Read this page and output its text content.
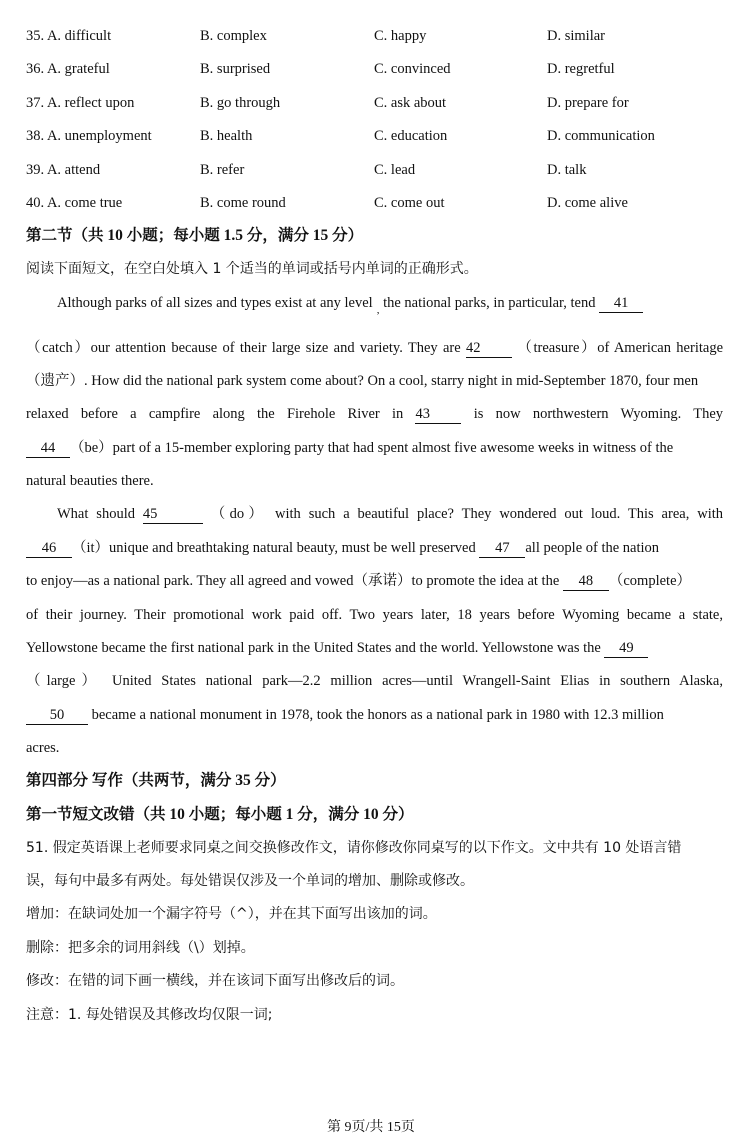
35. A. difficult	B. complex	C. happy	D. similar
36. A. grateful	B. surprised	C. convinced	D. regretful
37. A. reflect upon	B. go through	C. ask about	D. prepare for
38. A. unemployment	B. health	C. education	D. communication
39. A. attend	B. refer	C. lead	D. talk
40. A. come true	B. come round	C. come out	D. come alive
第二节（共 10 小题；每小题 1.5 分，满分 15 分）
阅读下面短文，在空白处填入 1 个适当的单词或括号内单词的正确形式。
Although parks of all sizes and types exist at any level $_,$ the national parks, in particular, tend 41
（catch）our attention because of their large size and variety. They are 42	（treasure）of American heritage
（遗产）. How did the national park system come about? On a cool, starry night in mid-September 1870, four men
relaxed before a campfire along the Firehole River in 43	is now northwestern Wyoming. They
44 （be）part of a 15-member exploring party that had spent almost five awesome weeks in witness of the
natural beauties there.
What should 45	（do） with such a beautiful place? They wondered out loud. This area, with
46 （it）unique and breathtaking natural beauty, must be well preserved 47 all people of the nation
to enjoy—as a national park. They all agreed and vowed（承诺）to promote the idea at the 48 （complete）
of their journey. Their promotional work paid off. Two years later, 18 years before Wyoming became a state,
Yellowstone became the first national park in the United States and the world. Yellowstone was the 49
（large） United States national park—2.2 million acres—until Wrangell-Saint Elias in southern Alaska,
50 became a national monument in 1978, took the honors as a national park in 1980 with 12.3 million
acres.
第四部分 写作（共两节，满分 35 分）
第一节短文改错（共 10 小题；每小题 1 分，满分 10 分）
51. 假定英语课上老师要求同桌之间交换修改作文，请你修改你同桌写的以下作文。文中共有 10 处语言错
误，每句中最多有两处。每处错误仅涉及一个单词的增加、删除或修改。
增加：在缺词处加一个漏字符号（^），并在其下面写出该加的词。
删除：把多余的词用斜线（\）划掉。
修改：在错的词下画一横线，并在该词下面写出修改后的词。
注意：1. 每处错误及其修改均仅限一词;
第 9页/共 15页
